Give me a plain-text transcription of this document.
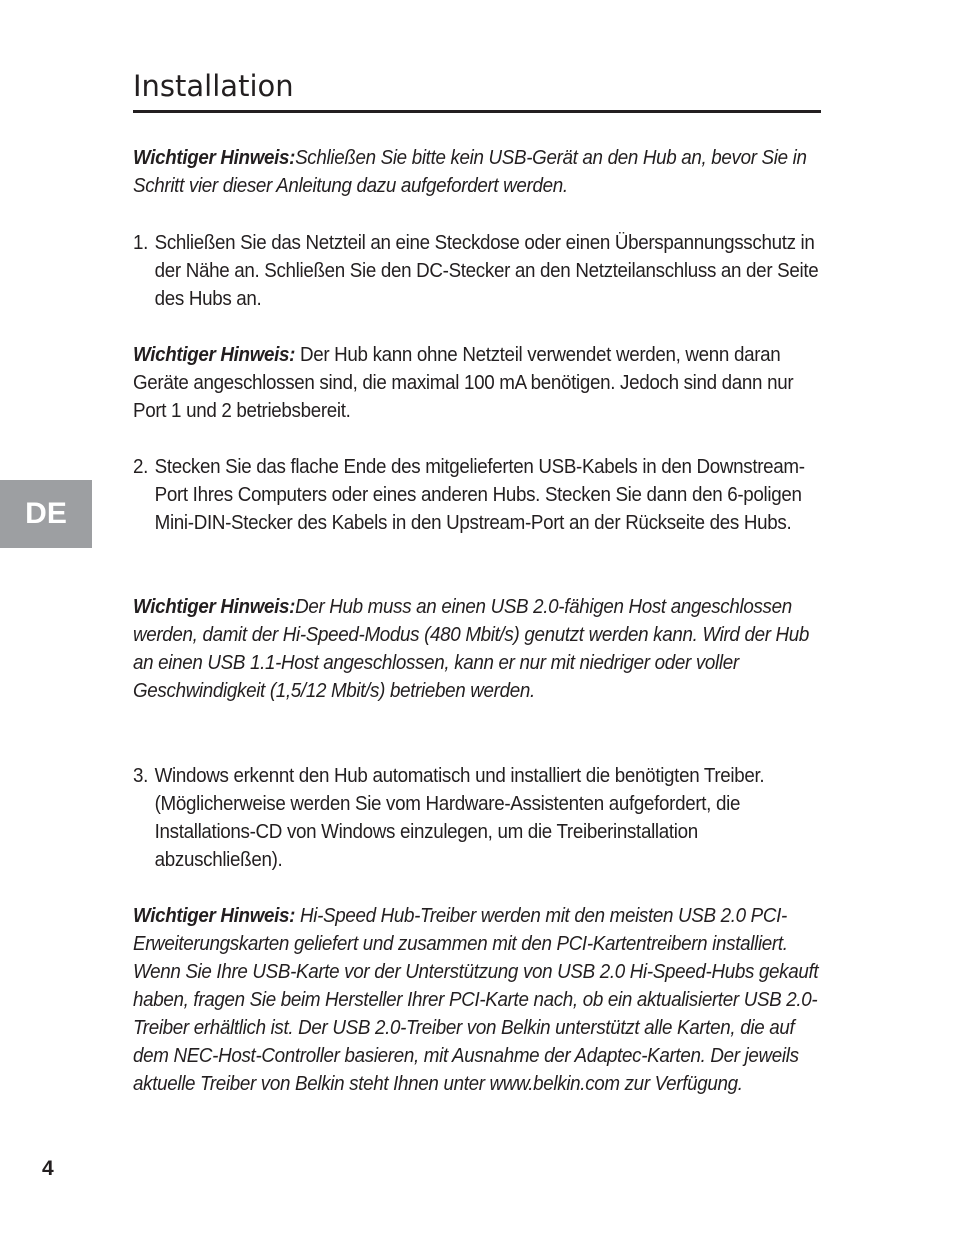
Installation
DE

Wichtiger Hinweis:Schließen Sie bitte kein USB-Gerät an den Hub an, bevor Sie in Schritt vier dieser Anleitung dazu aufgefordert werden.

1. Schließen Sie das Netzteil an eine Steckdose oder einen Überspannungsschutz in der Nähe an. Schließen Sie den DC-Stecker an den Netzteilanschluss an der Seite des Hubs an.

Wichtiger Hinweis: Der Hub kann ohne Netzteil verwendet werden, wenn daran Geräte angeschlossen sind, die maximal 100 mA benötigen. Jedoch sind dann nur Port 1 und 2 betriebsbereit.

2. Stecken Sie das flache Ende des mitgelieferten USB-Kabels in den Downstream-Port Ihres Computers oder eines anderen Hubs. Stecken Sie dann den 6-poligen Mini-DIN-Stecker des Kabels in den Upstream-Port an der Rückseite des Hubs.

Wichtiger Hinweis:Der Hub muss an einen USB 2.0-fähigen Host angeschlossen werden, damit der Hi-Speed-Modus (480 Mbit/s) genutzt werden kann. Wird der Hub an einen USB 1.1-Host angeschlossen, kann er nur mit niedriger oder voller Geschwindigkeit (1,5/12 Mbit/s) betrieben werden.

3. Windows erkennt den Hub automatisch und installiert die benötigten Treiber. (Möglicherweise werden Sie vom Hardware-Assistenten aufgefordert, die Installations-CD von Windows einzulegen, um die Treiberinstallation abzuschließen).

Wichtiger Hinweis: Hi-Speed Hub-Treiber werden mit den meisten USB 2.0 PCI-Erweiterungskarten geliefert und zusammen mit den PCI-Kartentreibern installiert. Wenn Sie Ihre USB-Karte vor der Unterstützung von USB 2.0 Hi-Speed-Hubs gekauft haben, fragen Sie beim Hersteller Ihrer PCI-Karte nach, ob ein aktualisierter USB 2.0-Treiber erhältlich ist. Der USB 2.0-Treiber von Belkin unterstützt alle Karten, die auf dem NEC-Host-Controller basieren, mit Ausnahme der Adaptec-Karten. Der jeweils aktuelle Treiber von Belkin steht Ihnen unter www.belkin.com zur Verfügung.

4
